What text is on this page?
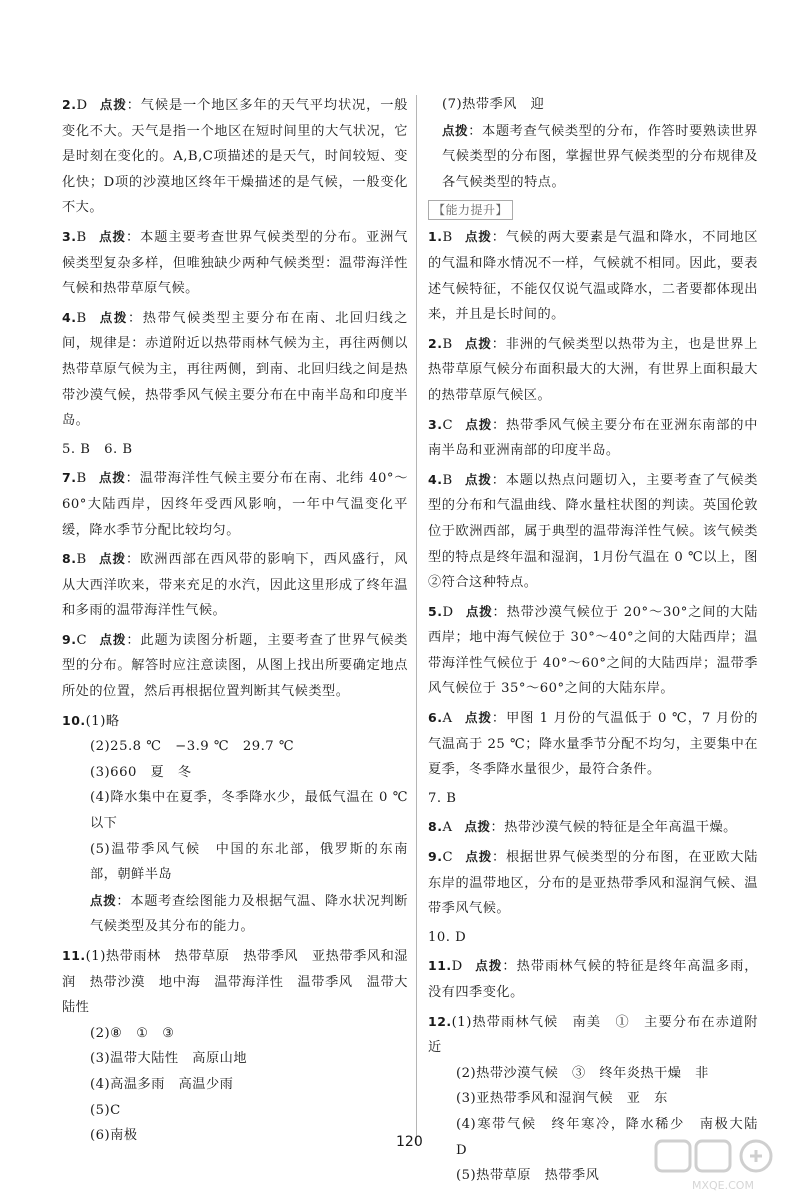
2.D 点拨：气候是一个地区多年的天气平均状况，一般变化不大。天气是指一个地区在短时间里的大气状况，它是时刻在变化的。A,B,C项描述的是天气，时间较短、变化快；D项的沙漠地区终年干燥描述的是气候，一般变化不大。

3.B 点拨：本题主要考查世界气候类型的分布。亚洲气候类型复杂多样，但唯独缺少两种气候类型：温带海洋性气候和热带草原气候。

4.B 点拨：热带气候类型主要分布在南、北回归线之间，规律是：赤道附近以热带雨林气候为主，再往两侧以热带草原气候为主，再往两侧，到南、北回归线之间是热带沙漠气候，热带季风气候主要分布在中南半岛和印度半岛。

5. B　6. B

7.B 点拨：温带海洋性气候主要分布在南、北纬 40°～60°大陆西岸，因终年受西风影响，一年中气温变化平缓，降水季节分配比较均匀。

8.B 点拨：欧洲西部在西风带的影响下，西风盛行，风从大西洋吹来，带来充足的水汽，因此这里形成了终年温和多雨的温带海洋性气候。

9.C 点拨：此题为读图分析题，主要考查了世界气候类型的分布。解答时应注意读图，从图上找出所要确定地点所处的位置，然后再根据位置判断其气候类型。

10.(1)略
(2)25.8 ℃　−3.9 ℃　29.7 ℃
(3)660　夏　冬
(4)降水集中在夏季，冬季降水少，最低气温在 0 ℃以下
(5)温带季风气候　中国的东北部，俄罗斯的东南部，朝鲜半岛
点拨：本题考查绘图能力及根据气温、降水状况判断气候类型及其分布的能力。

11.(1)热带雨林　热带草原　热带季风　亚热带季风和湿润　热带沙漠　地中海　温带海洋性　温带季风　温带大陆性
(2)⑧　①　③
(3)温带大陆性　高原山地
(4)高温多雨　高温少雨
(5)C
(6)南极

(7)热带季风　迎
点拨：本题考查气候类型的分布，作答时要熟读世界气候类型的分布图，掌握世界气候类型的分布规律及各气候类型的特点。

【能力提升】

1.B 点拨：气候的两大要素是气温和降水，不同地区的气温和降水情况不一样，气候就不相同。因此，要表述气候特征，不能仅仅说气温或降水，二者要都体现出来，并且是长时间的。

2.B 点拨：非洲的气候类型以热带为主，也是世界上热带草原气候分布面积最大的大洲，有世界上面积最大的热带草原气候区。

3.C 点拨：热带季风气候主要分布在亚洲东南部的中南半岛和亚洲南部的印度半岛。

4.B 点拨：本题以热点问题切入，主要考查了气候类型的分布和气温曲线、降水量柱状图的判读。英国伦敦位于欧洲西部，属于典型的温带海洋性气候。该气候类型的特点是终年温和湿润，1月份气温在 0 ℃以上，图②符合这种特点。

5.D 点拨：热带沙漠气候位于 20°～30°之间的大陆西岸；地中海气候位于 30°～40°之间的大陆西岸；温带海洋性气候位于 40°～60°之间的大陆西岸；温带季风气候位于 35°～60°之间的大陆东岸。

6.A 点拨：甲图 1 月份的气温低于 0 ℃，7 月份的气温高于 25 ℃；降水量季节分配不均匀，主要集中在夏季，冬季降水量很少，最符合条件。

7. B

8.A 点拨：热带沙漠气候的特征是全年高温干燥。

9.C 点拨：根据世界气候类型的分布图，在亚欧大陆东岸的温带地区，分布的是亚热带季风和湿润气候、温带季风气候。

10. D

11.D 点拨：热带雨林气候的特征是终年高温多雨，没有四季变化。

12.(1)热带雨林气候　南美　①　主要分布在赤道附近
(2)热带沙漠气候　③　终年炎热干燥　非
(3)亚热带季风和湿润气候　亚　东
(4)寒带气候　终年寒冷，降水稀少　南极大陆　D
(5)热带草原　热带季风

120
MXQE.COM
